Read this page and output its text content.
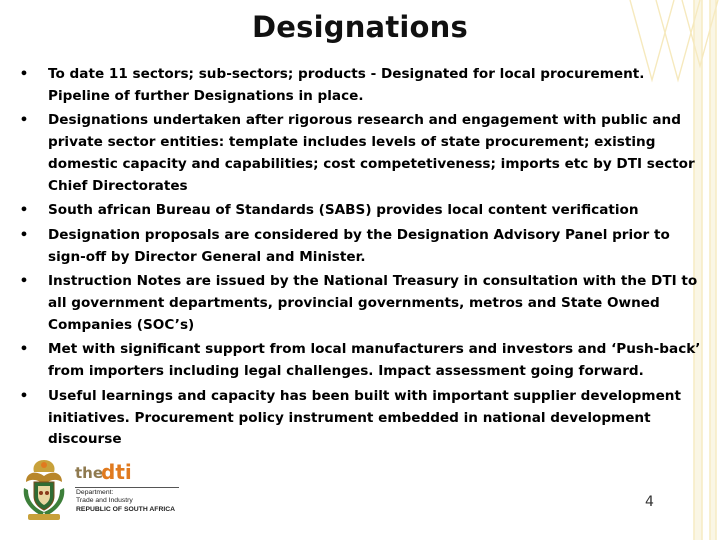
Designations
•	To date 11 sectors; sub-sectors; products - Designated for local procurement. Pipeline of further Designations in place.
•	Designations undertaken after rigorous research and engagement with public and private sector entities: template includes levels of state procurement; existing domestic capacity and capabilities; cost competetiveness; imports etc by DTI sector Chief Directorates
•	South african Bureau of Standards (SABS) provides local content verification
•	Designation proposals are considered by the Designation Advisory Panel prior to sign-off by Director General and Minister.
•	Instruction Notes are issued by the National Treasury in consultation with the DTI to all government departments, provincial governments, metros and State Owned Companies (SOC’s)
•	Met with significant support from local manufacturers and investors and ‘Push-back’ from importers including legal challenges. Impact assessment going forward.
•	Useful learnings and capacity has been built with important supplier development initiatives. Procurement policy instrument embedded in national development discourse
the
dti
Department:
Trade and Industry
REPUBLIC OF SOUTH AFRICA	4
